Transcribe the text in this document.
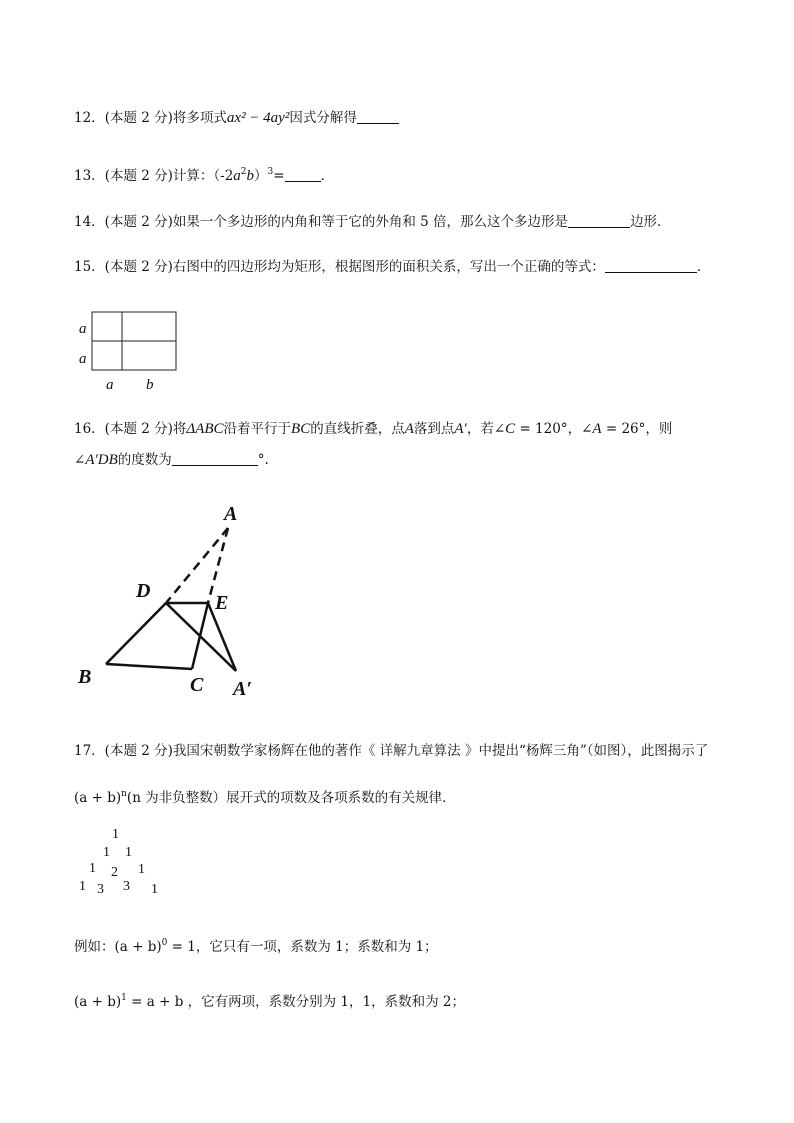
12．(本题 2 分)将多项式ax² − 4ay²因式分解得
13．(本题 2 分)计算：$(-2a^2b)^3=$	．
14．(本题 2 分)如果一个多边形的内角和等于它的外角和 5 倍，那么这个多边形是	边形．
15．(本题 2 分)右图中的四边形均为矩形，根据图形的面积关系，写出一个正确的等式：	．
a
a
a b
16．(本题 2 分)将ΔABC沿着平行于BC的直线折叠，点A落到点A′，若∠C = 120°，∠A = 26°，则
∠A′DB的度数为	°.
A
D
E
B	C A′
17．(本题 2 分)我国宋朝数学家杨辉在他的著作《 详解九章算法 》中提出“杨辉三角”（如图），此图揭示了
$(a + b)^n(n$ 为非负整数）展开式的项数及各项系数的有关规律．
1
1 1
1 2 1
1 3 3 1
例如：$(a + b)^0 = 1$，它只有一项，系数为 1；系数和为 1；
$(a + b)^1 = a + b$ ，它有两项，系数分别为 1，1，系数和为 2；
